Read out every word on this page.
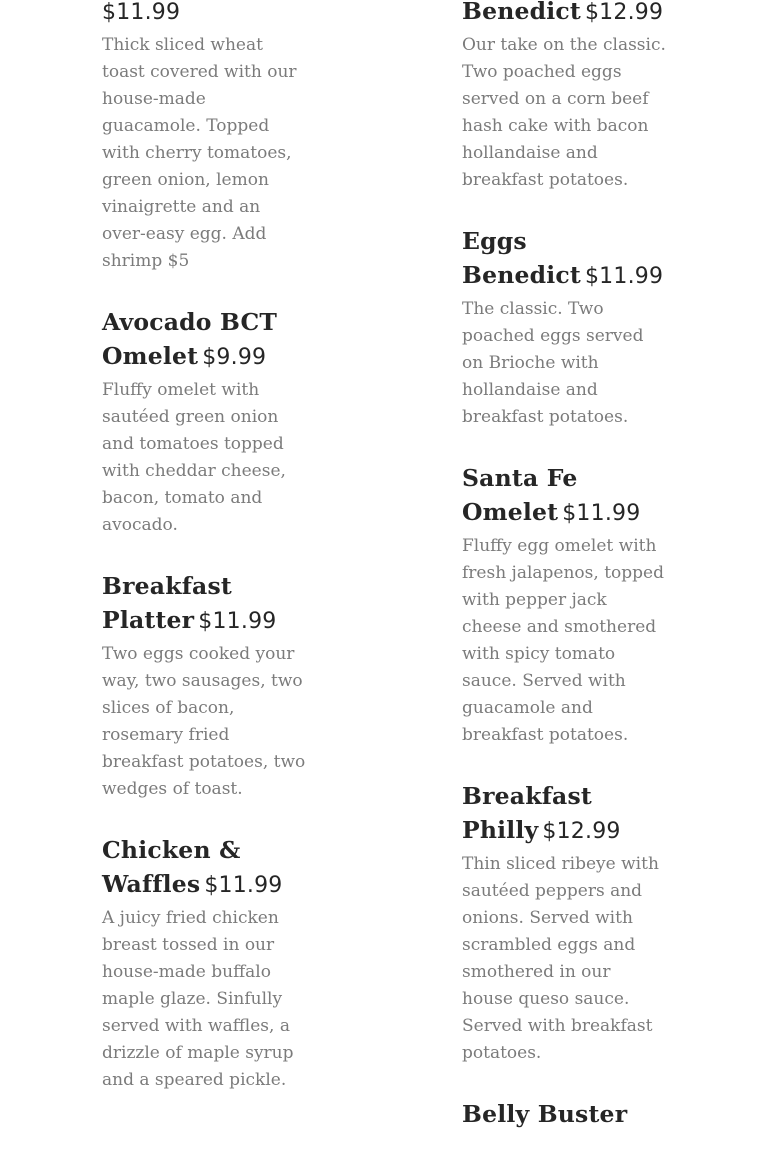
$11.99

Thick sliced wheat
toast covered with our
house-made
guacamole. Topped
with cherry tomatoes,
green onion, lemon
vinaigrette and an
over-easy egg. Add
shrimp $5

Avocado BCT Omelet $9.99

Fluffy omelet with
sautéed green onion
and tomatoes topped
with cheddar cheese,
bacon, tomato and
avocado.

Breakfast Platter $11.99

Two eggs cooked your
way, two sausages, two
slices of bacon,
rosemary fried
breakfast potatoes, two
wedges of toast.

Chicken & Waffles $11.99

A juicy fried chicken
breast tossed in our
house-made buffalo
maple glaze. Sinfully
served with waffles, a
drizzle of maple syrup
and a speared pickle.

Benedict $12.99

Our take on the classic.
Two poached eggs
served on a corn beef
hash cake with bacon
hollandaise and
breakfast potatoes.

Eggs Benedict $11.99

The classic. Two
poached eggs served
on Brioche with
hollandaise and
breakfast potatoes.

Santa Fe Omelet $11.99

Fluffy egg omelet with
fresh jalapenos, topped
with pepper jack
cheese and smothered
with spicy tomato
sauce. Served with
guacamole and
breakfast potatoes.

Breakfast Philly $12.99

Thin sliced ribeye with
sautéed peppers and
onions. Served with
scrambled eggs and
smothered in our
house queso sauce.
Served with breakfast
potatoes.

Belly Buster
